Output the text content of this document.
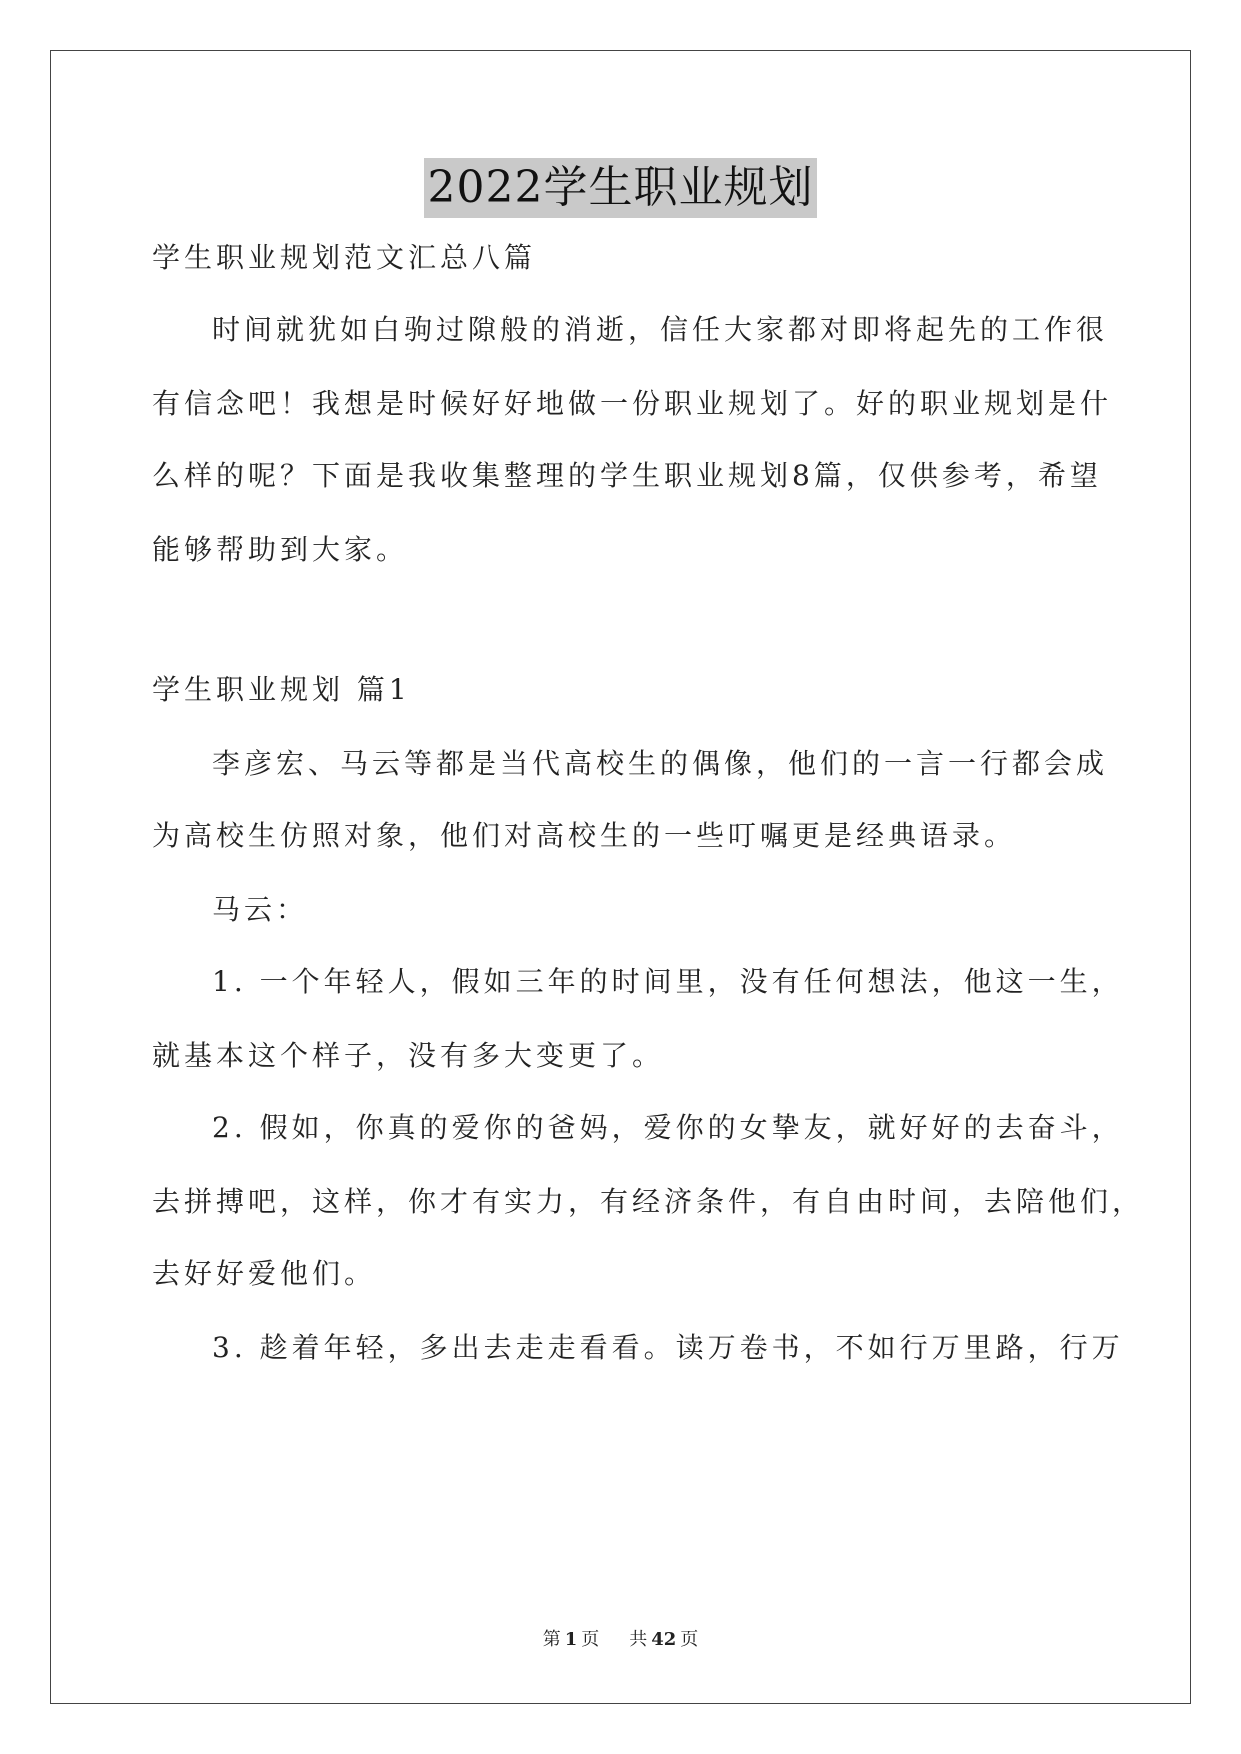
2022学生职业规划
学生职业规划范文汇总八篇
时间就犹如白驹过隙般的消逝，信任大家都对即将起先的工作很
有信念吧！我想是时候好好地做一份职业规划了。好的职业规划是什
么样的呢？下面是我收集整理的学生职业规划8篇，仅供参考，希望
能够帮助到大家。
学生职业规划 篇1
李彦宏、马云等都是当代高校生的偶像，他们的一言一行都会成
为高校生仿照对象，他们对高校生的一些叮嘱更是经典语录。
马云：
1. 一个年轻人，假如三年的时间里，没有任何想法，他这一生，
就基本这个样子，没有多大变更了。
2. 假如，你真的爱你的爸妈，爱你的女挚友，就好好的去奋斗，
去拼搏吧，这样，你才有实力，有经济条件，有自由时间，去陪他们，
去好好爱他们。
3. 趁着年轻，多出去走走看看。读万卷书，不如行万里路，行万
第 1 页 共 42 页
